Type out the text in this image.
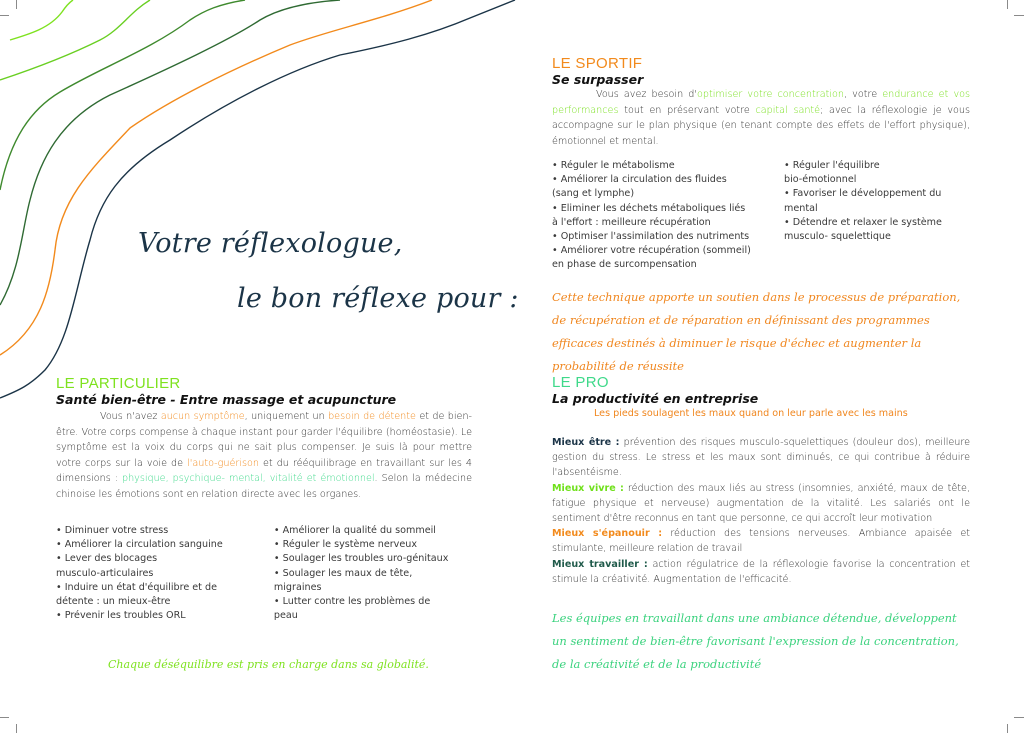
Votre réflexologue,
le bon réflexe pour :
LE PARTICULIER
Santé bien-être - Entre massage et acupuncture
Vous n'avez aucun symptôme, uniquement un besoin de détente et de bien-être. Votre corps compense à chaque instant pour garder l'équilibre (homéostasie). Le symptôme est la voix du corps qui ne sait plus compenser. Je suis là pour mettre votre corps sur la voie de l'auto-guérison et du rééquilibrage en travaillant sur les 4 dimensions : physique, psychique- mental, vitalité et émotionnel. Selon la médecine chinoise les émotions sont en relation directe avec les organes.
• Diminuer votre stress
• Améliorer la circulation sanguine
• Lever des blocages
musculo-articulaires
• Induire un état d'équilibre et de
détente : un mieux-être
• Prévenir les troubles ORL
• Améliorer la qualité du sommeil
• Réguler le système nerveux
• Soulager les troubles uro-génitaux
• Soulager les maux de tête,
migraines
• Lutter contre les problèmes de
peau
Chaque déséquilibre est pris en charge dans sa globalité.
LE SPORTIF
Se surpasser
Vous avez besoin d'optimiser votre concentration, votre endurance et vos performances tout en préservant votre capital santé; avec la réflexologie je vous accompagne sur le plan physique (en tenant compte des effets de l'effort physique), émotionnel et mental.
• Réguler le métabolisme
• Améliorer la circulation des fluides
(sang et lymphe)
• Eliminer les déchets métaboliques liés
à l'effort : meilleure récupération
• Optimiser l'assimilation des nutriments
• Améliorer votre récupération (sommeil)
en phase de surcompensation
• Réguler l'équilibre
bio-émotionnel
• Favoriser le développement du
mental
• Détendre et relaxer le système
musculo- squelettique
Cette technique apporte un soutien dans le processus de préparation, de récupération et de réparation en définissant des programmes efficaces destinés à diminuer le risque d'échec et augmenter la probabilité de réussite
LE PRO
La productivité en entreprise
Les pieds soulagent les maux quand on leur parle avec les mains
Mieux être : prévention des risques musculo-squelettiques (douleur dos), meilleure gestion du stress. Le stress et les maux sont diminués, ce qui contribue à réduire l'absentéisme.
Mieux vivre : réduction des maux liés au stress (insomnies, anxiété, maux de tête, fatigue physique et nerveuse) augmentation de la vitalité. Les salariés ont le sentiment d'être reconnus en tant que personne, ce qui accroît leur motivation
Mieux s'épanouir : réduction des tensions nerveuses. Ambiance apaisée et stimulante, meilleure relation de travail
Mieux travailler : action régulatrice de la réflexologie favorise la concentration et stimule la créativité. Augmentation de l'efficacité.
Les équipes en travaillant dans une ambiance détendue, développent un sentiment de bien-être favorisant l'expression de la concentration, de la créativité et de la productivité
